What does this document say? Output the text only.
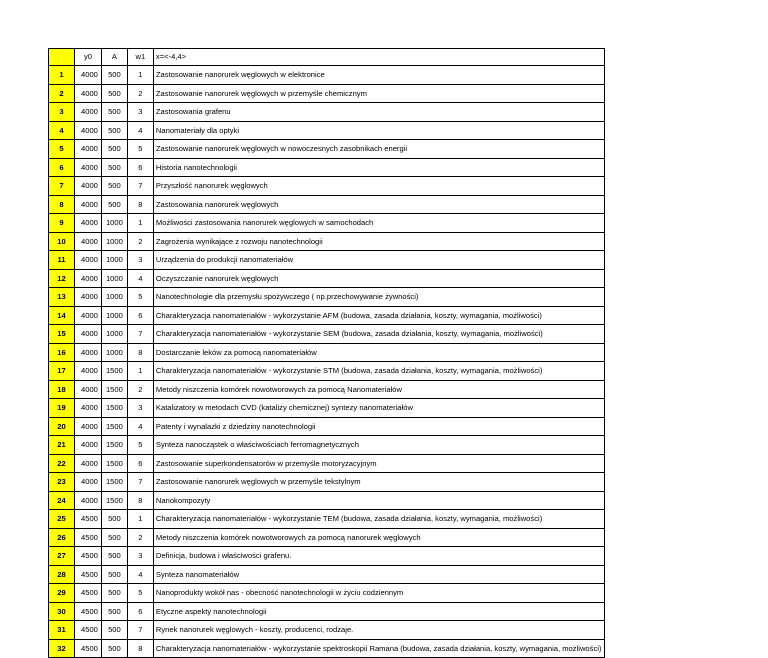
	y0	A	w1	x=<-4,4>
1	4000	500	1	Zastosowanie nanorurek węglowych w elektronice
2	4000	500	2	Zastosowanie nanorurek węglowych w przemyśle chemicznym
3	4000	500	3	Zastosowania grafenu
4	4000	500	4	Nanomateriały dla optyki
5	4000	500	5	Zastosowanie nanorurek węglowych w nowoczesnych zasobnikach energii
6	4000	500	6	Historia nanotechnologii
7	4000	500	7	Przyszłość nanorurek węglowych
8	4000	500	8	Zastosowania nanorurek węglowych
9	4000	1000	1	Możliwości zastosowania nanorurek węglowych w samochodach
10	4000	1000	2	Zagrożenia wynikające z rozwoju nanotechnologii
11	4000	1000	3	Urządzenia do produkcji nanomateriałów
12	4000	1000	4	Oczyszczanie nanorurek węglowych
13	4000	1000	5	Nanotechnologie dla przemysłu spożywczego ( np.przechowywanie żywności)
14	4000	1000	6	Charakteryzacja nanomateriałów - wykorzystanie AFM (budowa, zasada działania, koszty, wymagania, możliwości)
15	4000	1000	7	Charakteryzacja nanomateriałów - wykorzystanie SEM (budowa, zasada działania, koszty, wymagania, możliwości)
16	4000	1000	8	Dostarczanie leków za pomocą nanomateriałów
17	4000	1500	1	Charakteryzacja nanomateriałów - wykorzystanie STM (budowa, zasada działania, koszty, wymagania, możliwości)
18	4000	1500	2	Metody niszczenia komórek nowotworowych za pomocą Nanomateriałów
19	4000	1500	3	Katalizatory w metodach CVD (katalizy chemicznej) syntezy nanomateriałów
20	4000	1500	4	Patenty i wynalazki z dziedziny nanotechnologii
21	4000	1500	5	Synteza nanocząstek o właściwościach ferromagnetycznych
22	4000	1500	6	Zastosowanie superkondensatorów w przemyśle motoryzacyjnym
23	4000	1500	7	Zastosowanie nanorurek węglowych w przemyśle tekstylnym
24	4000	1500	8	Nanokompozyty
25	4500	500	1	Charakteryzacja nanomateriałów - wykorzystanie TEM (budowa, zasada działania, koszty, wymagania, możliwości)
26	4500	500	2	Metody niszczenia komórek nowotworowych za pomocą nanorurek węglowych
27	4500	500	3	Definicja, budowa i właściwości grafenu.
28	4500	500	4	Synteza nanomateriałów
29	4500	500	5	Nanoprodukty wokół nas - obecność nanotechnologii w życiu codziennym
30	4500	500	6	Etyczne aspekty nanotechnologii
31	4500	500	7	Rynek nanorurek węglowych - koszty, producenci, rodzaje.
32	4500	500	8	Charakteryzacja nanomateriałów - wykorzystanie spektroskopii Ramana (budowa, zasada działania, koszty, wymagania, możliwości)
